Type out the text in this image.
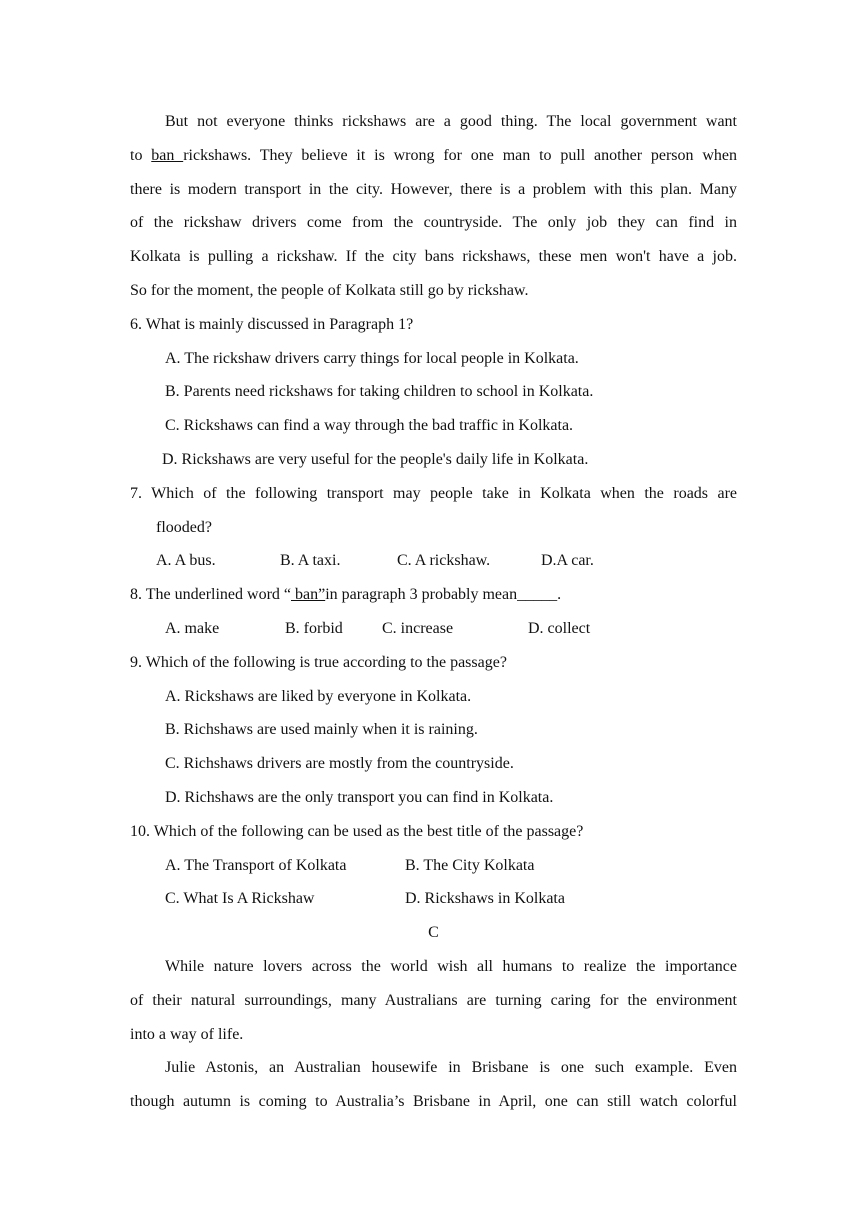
But not everyone thinks rickshaws are a good thing. The local government want
to ban rickshaws. They believe it is wrong for one man to pull another person when
there is modern transport in the city. However, there is a problem with this plan. Many
of the rickshaw drivers come from the countryside. The only job they can find in
Kolkata is pulling a rickshaw. If the city bans rickshaws, these men won't have a job.
So for the moment, the people of Kolkata still go by rickshaw.
6. What is mainly discussed in Paragraph 1?
A. The rickshaw drivers carry things for local people in Kolkata.
B. Parents need rickshaws for taking children to school in Kolkata.
C. Rickshaws can find a way through the bad traffic in Kolkata.
D. Rickshaws are very useful for the people's daily life in Kolkata.
7. Which of the following transport may people take in Kolkata when the roads are
flooded?
A. A bus.	B. A taxi.	C. A rickshaw.	D.A car.
8. The underlined word “ ban”in paragraph 3 probably mean_____.
A. make	B. forbid C. increase	D. collect
9. Which of the following is true according to the passage?
A. Rickshaws are liked by everyone in Kolkata.
B. Richshaws are used mainly when it is raining.
C. Richshaws drivers are mostly from the countryside.
D. Richshaws are the only transport you can find in Kolkata.
10. Which of the following can be used as the best title of the passage?
A. The Transport of Kolkata	B. The City Kolkata
C. What Is A Rickshaw	D. Rickshaws in Kolkata
C
While nature lovers across the world wish all humans to realize the importance
of their natural surroundings, many Australians are turning caring for the environment
into a way of life.
Julie Astonis, an Australian housewife in Brisbane is one such example. Even
though autumn is coming to Australia’s Brisbane in April, one can still watch colorful
